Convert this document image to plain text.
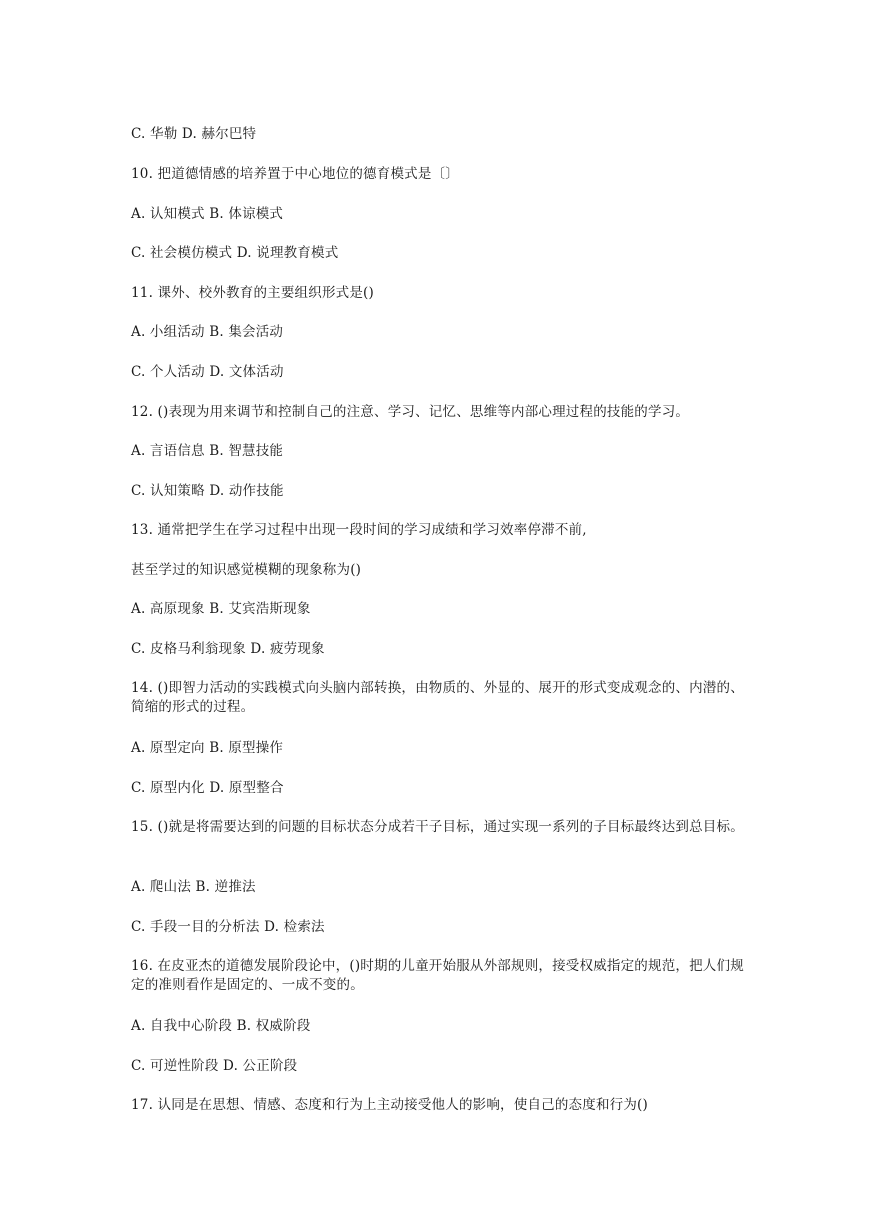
C. 华勒 D. 赫尔巴特
10. 把道德情感的培养置于中心地位的德育模式是〔〕
A. 认知模式 B. 体谅模式
C. 社会模仿模式 D. 说理教育模式
11. 课外、校外教育的主要组织形式是()
A. 小组活动 B. 集会活动
C. 个人活动 D. 文体活动
12. ()表现为用来调节和控制自己的注意、学习、记忆、思维等内部心理过程的技能的学习。
A. 言语信息 B. 智慧技能
C. 认知策略 D. 动作技能
13. 通常把学生在学习过程中出现一段时间的学习成绩和学习效率停滞不前,
甚至学过的知识感觉模糊的现象称为()
A. 高原现象 B. 艾宾浩斯现象
C. 皮格马利翁现象 D. 疲劳现象
14. ()即智力活动的实践模式向头脑内部转换，由物质的、外显的、展开的形式变成观念的、内潜的、简缩的形式的过程。
A. 原型定向 B. 原型操作
C. 原型内化 D. 原型整合
15. ()就是将需要达到的问题的目标状态分成若干子目标，通过实现一系列的子目标最终达到总目标。
A. 爬山法 B. 逆推法
C. 手段一目的分析法 D. 检索法
16. 在皮亚杰的道德发展阶段论中，()时期的儿童开始服从外部规则，接受权威指定的规范，把人们规定的准则看作是固定的、一成不变的。
A. 自我中心阶段 B. 权威阶段
C. 可逆性阶段 D. 公正阶段
17. 认同是在思想、情感、态度和行为上主动接受他人的影响，使自己的态度和行为()
